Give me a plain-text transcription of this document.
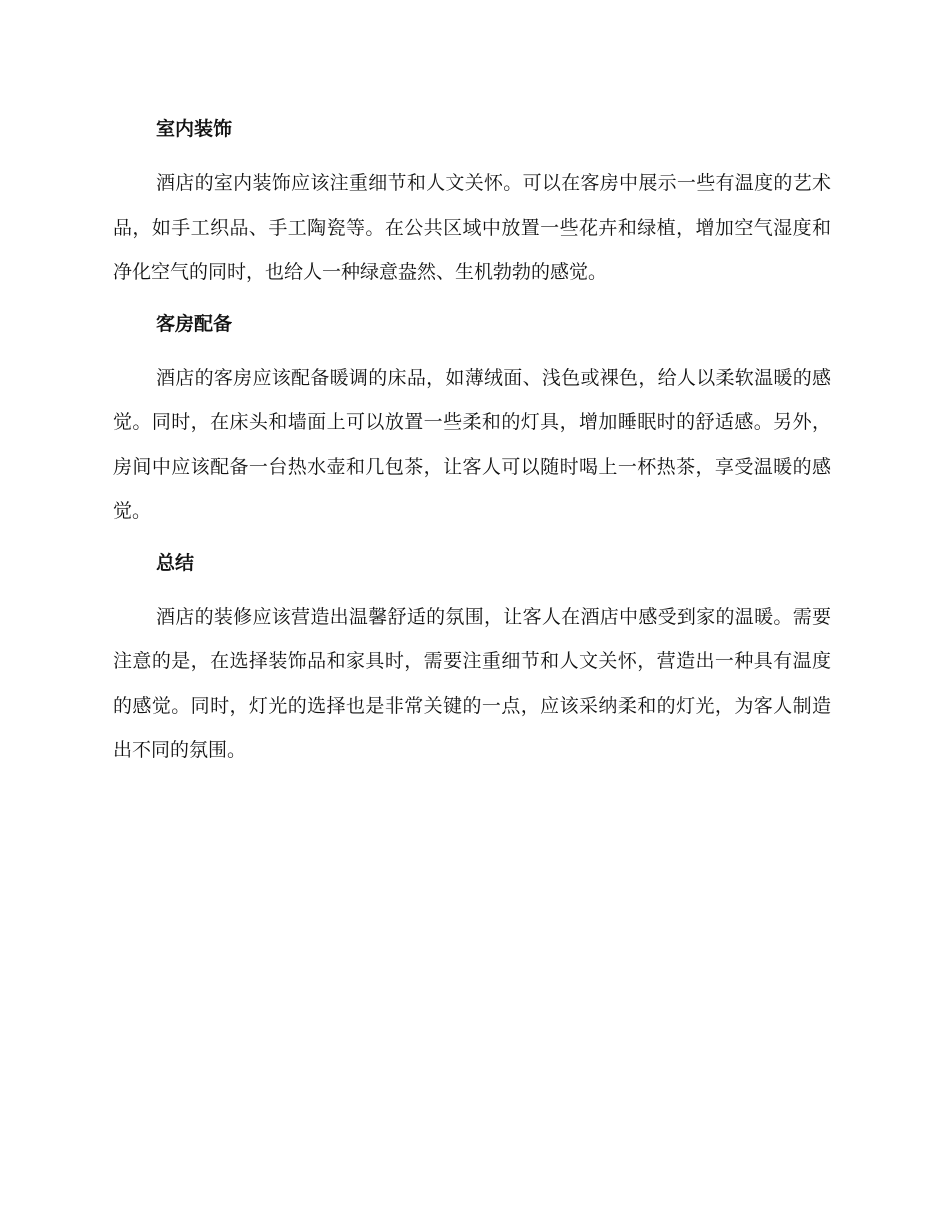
室内装饰

酒店的室内装饰应该注重细节和人文关怀。可以在客房中展示一些有温度的艺术品，如手工织品、手工陶瓷等。在公共区域中放置一些花卉和绿植，增加空气湿度和净化空气的同时，也给人一种绿意盎然、生机勃勃的感觉。

客房配备

酒店的客房应该配备暖调的床品，如薄绒面、浅色或裸色，给人以柔软温暖的感觉。同时，在床头和墙面上可以放置一些柔和的灯具，增加睡眠时的舒适感。另外，房间中应该配备一台热水壶和几包茶，让客人可以随时喝上一杯热茶，享受温暖的感觉。

总结

酒店的装修应该营造出温馨舒适的氛围，让客人在酒店中感受到家的温暖。需要注意的是，在选择装饰品和家具时，需要注重细节和人文关怀，营造出一种具有温度的感觉。同时，灯光的选择也是非常关键的一点，应该采纳柔和的灯光，为客人制造出不同的氛围。
